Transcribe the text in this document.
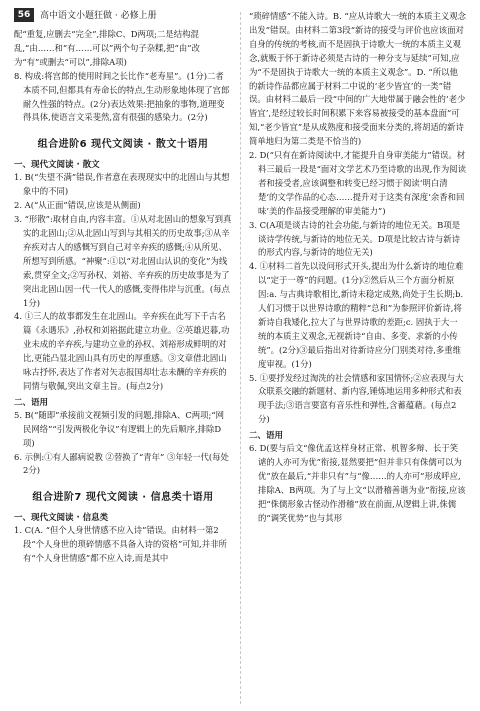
56	高中语文小题狂做 · 必修上册

配“重复,应删去“完全”,排除C、D两项;二是结构混乱,“由……和“有……可以”两个句子杂糅,把“由”改为“有”或删去“可以”,排除A项)

8. 构成:将宫郎的使用时间之长比作“老寿星”。(1分)二者本质不同,但都具有寿命长的特点,生动形象地体现了宫郎耐久性强的特点。(2分)表达效果:把抽象的事物,道理变得具体,使语言文采斐然,富有很强的感染力。(2分)

组合进阶6 现代文阅读 · 散文十语用
一、现代文阅读 · 散文

1. B(“失望不满”错误,作者意在表现现实中的北固山与其想象中的不同)

2. A(“从正面”错误,应该是从侧面)

3. “形散”:取材自由,内容丰富。①从对北固山的想象写到真实的北固山;②从北固山写到与其相关的历史故事;③从辛弃疾对古人的感慨写到自己对辛弃疾的感慨;④从所见、所想写到所感。“神聚”:①以“对北固山认识的变化”为线索,贯穿全文;②写孙权、刘裕、辛弃疾的历史故事是为了突出北固山因一代一代人的感慨,变得伟岸与沉重。(每点1分)

4. ①三人的故事都发生在北固山。辛弃疾在此写下千古名篇《永遇乐》,孙权和刘裕据此建立功业。②英雄迟暮,功业未成的辛弃疾,与建功立业的孙权、刘裕形成鲜明的对比,更能凸显北固山具有历史的厚重感。③文章借北固山咏古抒怀,表达了作者对矢志报国却壮志未酬的辛弃疾的同情与敬佩,突出文章主旨。(每点2分)

二、语用

5. B(“随即”承接前文视频引发的问题,排除A、C两项;“网民网络”“引发两极化争议”有逻辑上的先后顺序,排除D项)

6. 示例:①有人鄙病说教 ②替换了“青年” ③年轻一代(每处2分)

组合进阶7 现代文阅读 · 信息类十语用
一、现代文阅读 · 信息类

1. C(A. “但个人身世情感不应入诗”错误。由材料一第2段“个人身世的琐碎情感不具备入诗的资格”可知,并非所有“个人身世情感”都不应入诗,而是其中

“琐碎情感”不能入诗。B. “应从诗歌大一统的本质主义观念出发”错误。由材料二第3段“新诗的接受与评价也应该面对自身的传统的考核,而不是固执于诗歌大一统的本质主义观念,就贩于怀于新诗必须是古诗的一种分支与延续”可知,应为“不是固执于诗歌大一统的本质主义观念”。D. “所以他的新诗作品都应属于材料二中说的‘老少皆宜’的一类”错误。由材料二最后一段“中间的广大地带属于融会性的‘老少皆宜’,是经过较长时间积累下来容易被接受的基本盘面”可知,“老少皆宜”是从成熟度和接受面来分类的,将胡适的新诗简单地归为第二类是不恰当的)

2. D(“只有在新诗阅读中,才能提升自身审美能力”错误。材料三最后一段是“面对文学艺术乃至诗歌的出现,作为阅读者和接受者,应该调整和转变已经习惯于阅读‘明白清楚’的文学作品的心态……提升对于这类有深度‘余香和回味’美的作品接受理解的审美能力”)

3. C(A项是谈古诗的社会功能,与新诗的地位无关。B项是谈诗学传统,与新诗的地位无关。D项是比较古诗与新诗的形式内容,与新诗的地位无关)

4. ①材料二首先以设问形式开头,提出为什么新诗的地位难以“定于一尊”的问题。(1分)②然后从三个方面分析原因:a. 与古典诗歌相比,新诗未稳定成熟,尚处于生长期;b. 人们习惯于以世界诗歌的精粹“总和”为参照评价新诗,将新诗自我矮化,拉大了与世界诗歌的差距;c. 固执于大一统的本质主义观念,无视新诗“自由、多变、求新的小传统”。(2分)③最后指出对待新诗应分门别类对待,多重维度审视。(1分)

5. ①要抒发经过淘洗的社会情感和家国情怀;②应表现与大众联系交融的新题材、新内容,锤炼地运用多种形式和表现手法;③语言要富有音乐性和弹性,含蓄蕴藉。(每点2分)

二、语用

6. D(要与后文“像优孟这样身材正常、机智多辩、长于笑谑的人亦可为优”衔接,显然要把“但并非只有侏儒可以为优”放在最后,“并非只有”与“像……的人亦可”形成呼应,排除A、B两项。为了与上文“以滑稽善谐为业”衔接,应该把“侏儒形象古怪动作滑稽”放在前面,从逻辑上讲,侏儒的“调笑优势”也与其形
